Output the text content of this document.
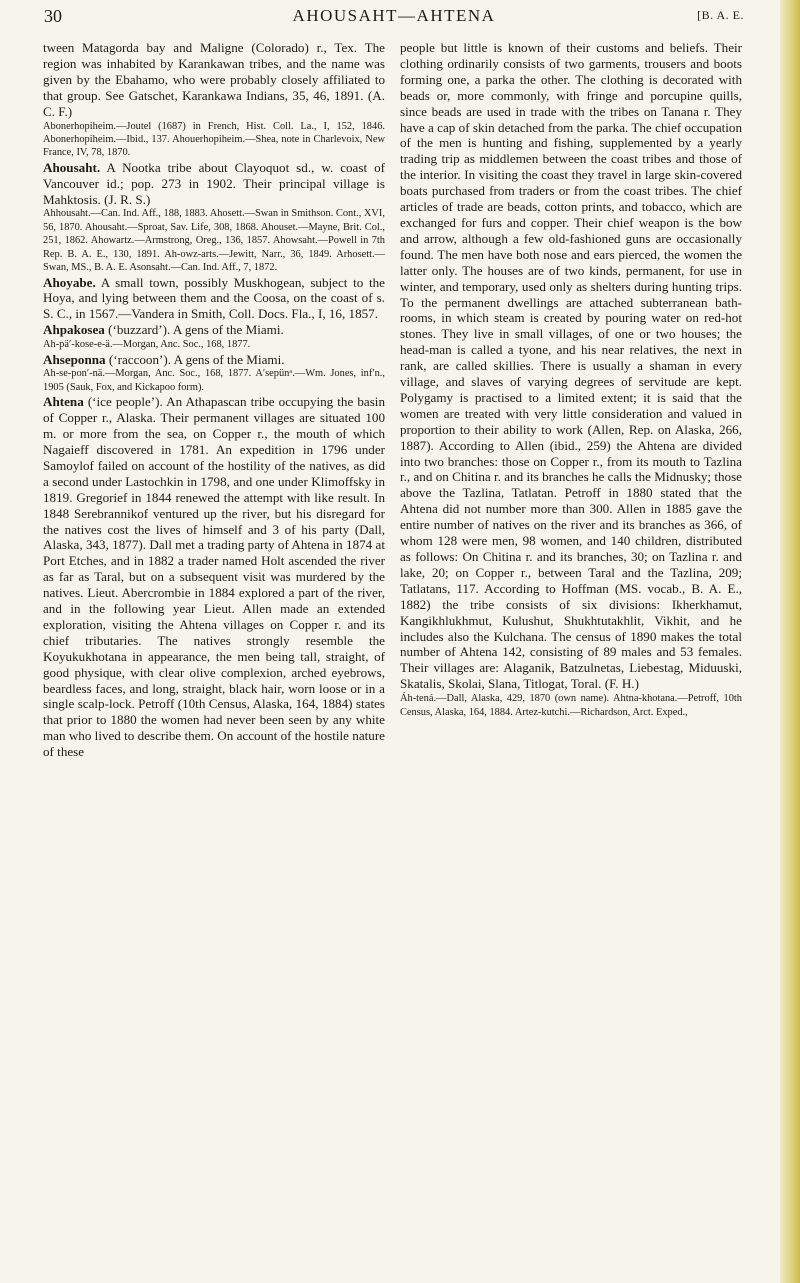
30	AHOUSAHT—AHTENA	[B. A. E.

tween Matagorda bay and Maligne (Colorado) r., Tex. The region was inhabited by Karankawan tribes, and the name was given by the Ebahamo, who were probably closely affiliated to that group. See Gatschet, Karankawa Indians, 35, 46, 1891. (A. C. F.)

Abonerhopiheim.—Joutel (1687) in French, Hist. Coll. La., I, 152, 1846. Abonerhopiheim.—Ibid., 137. Ahouerhopiheim.—Shea, note in Charlevoix, New France, IV, 78, 1870.

Ahousaht. A Nootka tribe about Clayoquot sd., w. coast of Vancouver id.; pop. 273 in 1902. Their principal village is Mahktosis. (J. R. S.)

Ahhousaht.—Can. Ind. Aff., 188, 1883. Ahosett.—Swan in Smithson. Cont., XVI, 56, 1870. Ahousaht.—Sproat, Sav. Life, 308, 1868. Ahouset.—Mayne, Brit. Col., 251, 1862. Ahowartz.—Armstrong, Oreg., 136, 1857. Ahowsaht.—Powell in 7th Rep. B. A. E., 130, 1891. Ah-owz-arts.—Jewitt, Narr., 36, 1849. Arhosett.—Swan, MS., B. A. E. Asonsaht.—Can. Ind. Aff., 7, 1872.

Ahoyabe. A small town, possibly Muskhogean, subject to the Hoya, and lying between them and the Coosa, on the coast of s. S. C., in 1567.—Vandera in Smith, Coll. Docs. Fla., I, 16, 1857.

Ahpakosea (‘buzzard’). A gens of the Miami.

Ah-pä′-kose-e-ä.—Morgan, Anc. Soc., 168, 1877.

Ahseponna (‘raccoon’). A gens of the Miami.

Ah-se-pon′-nä.—Morgan, Anc. Soc., 168, 1877. A′sepünᵃ.—Wm. Jones, inf′n., 1905 (Sauk, Fox, and Kickapoo form).

Ahtena (‘ice people’). An Athapascan tribe occupying the basin of Copper r., Alaska. Their permanent villages are situated 100 m. or more from the sea, on Copper r., the mouth of which Nagaieff discovered in 1781. An expedition in 1796 under Samoylof failed on account of the hostility of the natives, as did a second under Lastochkin in 1798, and one under Klimoffsky in 1819. Gregorief in 1844 renewed the attempt with like result. In 1848 Serebrannikof ventured up the river, but his disregard for the natives cost the lives of himself and 3 of his party (Dall, Alaska, 343, 1877). Dall met a trading party of Ahtena in 1874 at Port Etches, and in 1882 a trader named Holt ascended the river as far as Taral, but on a subsequent visit was murdered by the natives. Lieut. Abercrombie in 1884 explored a part of the river, and in the following year Lieut. Allen made an extended exploration, visiting the Ahtena villages on Copper r. and its chief tributaries. The natives strongly resemble the Koyukukhotana in appearance, the men being tall, straight, of good physique, with clear olive complexion, arched eyebrows, beardless faces, and long, straight, black hair, worn loose or in a single scalp-lock. Petroff (10th Census, Alaska, 164, 1884) states that prior to 1880 the women had never been seen by any white man who lived to describe them. On account of the hostile nature of these

people but little is known of their customs and beliefs. Their clothing ordinarily consists of two garments, trousers and boots forming one, a parka the other. The clothing is decorated with beads or, more commonly, with fringe and porcupine quills, since beads are used in trade with the tribes on Tanana r. They have a cap of skin detached from the parka. The chief occupation of the men is hunting and fishing, supplemented by a yearly trading trip as middlemen between the coast tribes and those of the interior. In visiting the coast they travel in large skin-covered boats purchased from traders or from the coast tribes. The chief articles of trade are beads, cotton prints, and tobacco, which are exchanged for furs and copper. Their chief weapon is the bow and arrow, although a few old-fashioned guns are occasionally found. The men have both nose and ears pierced, the women the latter only. The houses are of two kinds, permanent, for use in winter, and temporary, used only as shelters during hunting trips. To the permanent dwellings are attached subterranean bath-rooms, in which steam is created by pouring water on red-hot stones. They live in small villages, of one or two houses; the head-man is called a tyone, and his near relatives, the next in rank, are called skillies. There is usually a shaman in every village, and slaves of varying degrees of servitude are kept. Polygamy is practised to a limited extent; it is said that the women are treated with very little consideration and valued in proportion to their ability to work (Allen, Rep. on Alaska, 266, 1887). According to Allen (ibid., 259) the Ahtena are divided into two branches: those on Copper r., from its mouth to Tazlina r., and on Chitina r. and its branches he calls the Midnusky; those above the Tazlina, Tatlatan. Petroff in 1880 stated that the Ahtena did not number more than 300. Allen in 1885 gave the entire number of natives on the river and its branches as 366, of whom 128 were men, 98 women, and 140 children, distributed as follows: On Chitina r. and its branches, 30; on Tazlina r. and lake, 20; on Copper r., between Taral and the Tazlina, 209; Tatlatans, 117. According to Hoffman (MS. vocab., B. A. E., 1882) the tribe consists of six divisions: Ikherkhamut, Kangikhlukhmut, Kulushut, Shukhtutakhlit, Vikhit, and he includes also the Kulchana. The census of 1890 makes the total number of Ahtena 142, consisting of 89 males and 53 females. Their villages are: Alaganik, Batzulnetas, Liebestag, Miduuski, Skatalis, Skolai, Slana, Titlogat, Toral. (F. H.)

Áh-tená.—Dall, Alaska, 429, 1870 (own name). Ahtna-khotana.—Petroff, 10th Census, Alaska, 164, 1884. Artez-kutchi.—Richardson, Arct. Exped.,
